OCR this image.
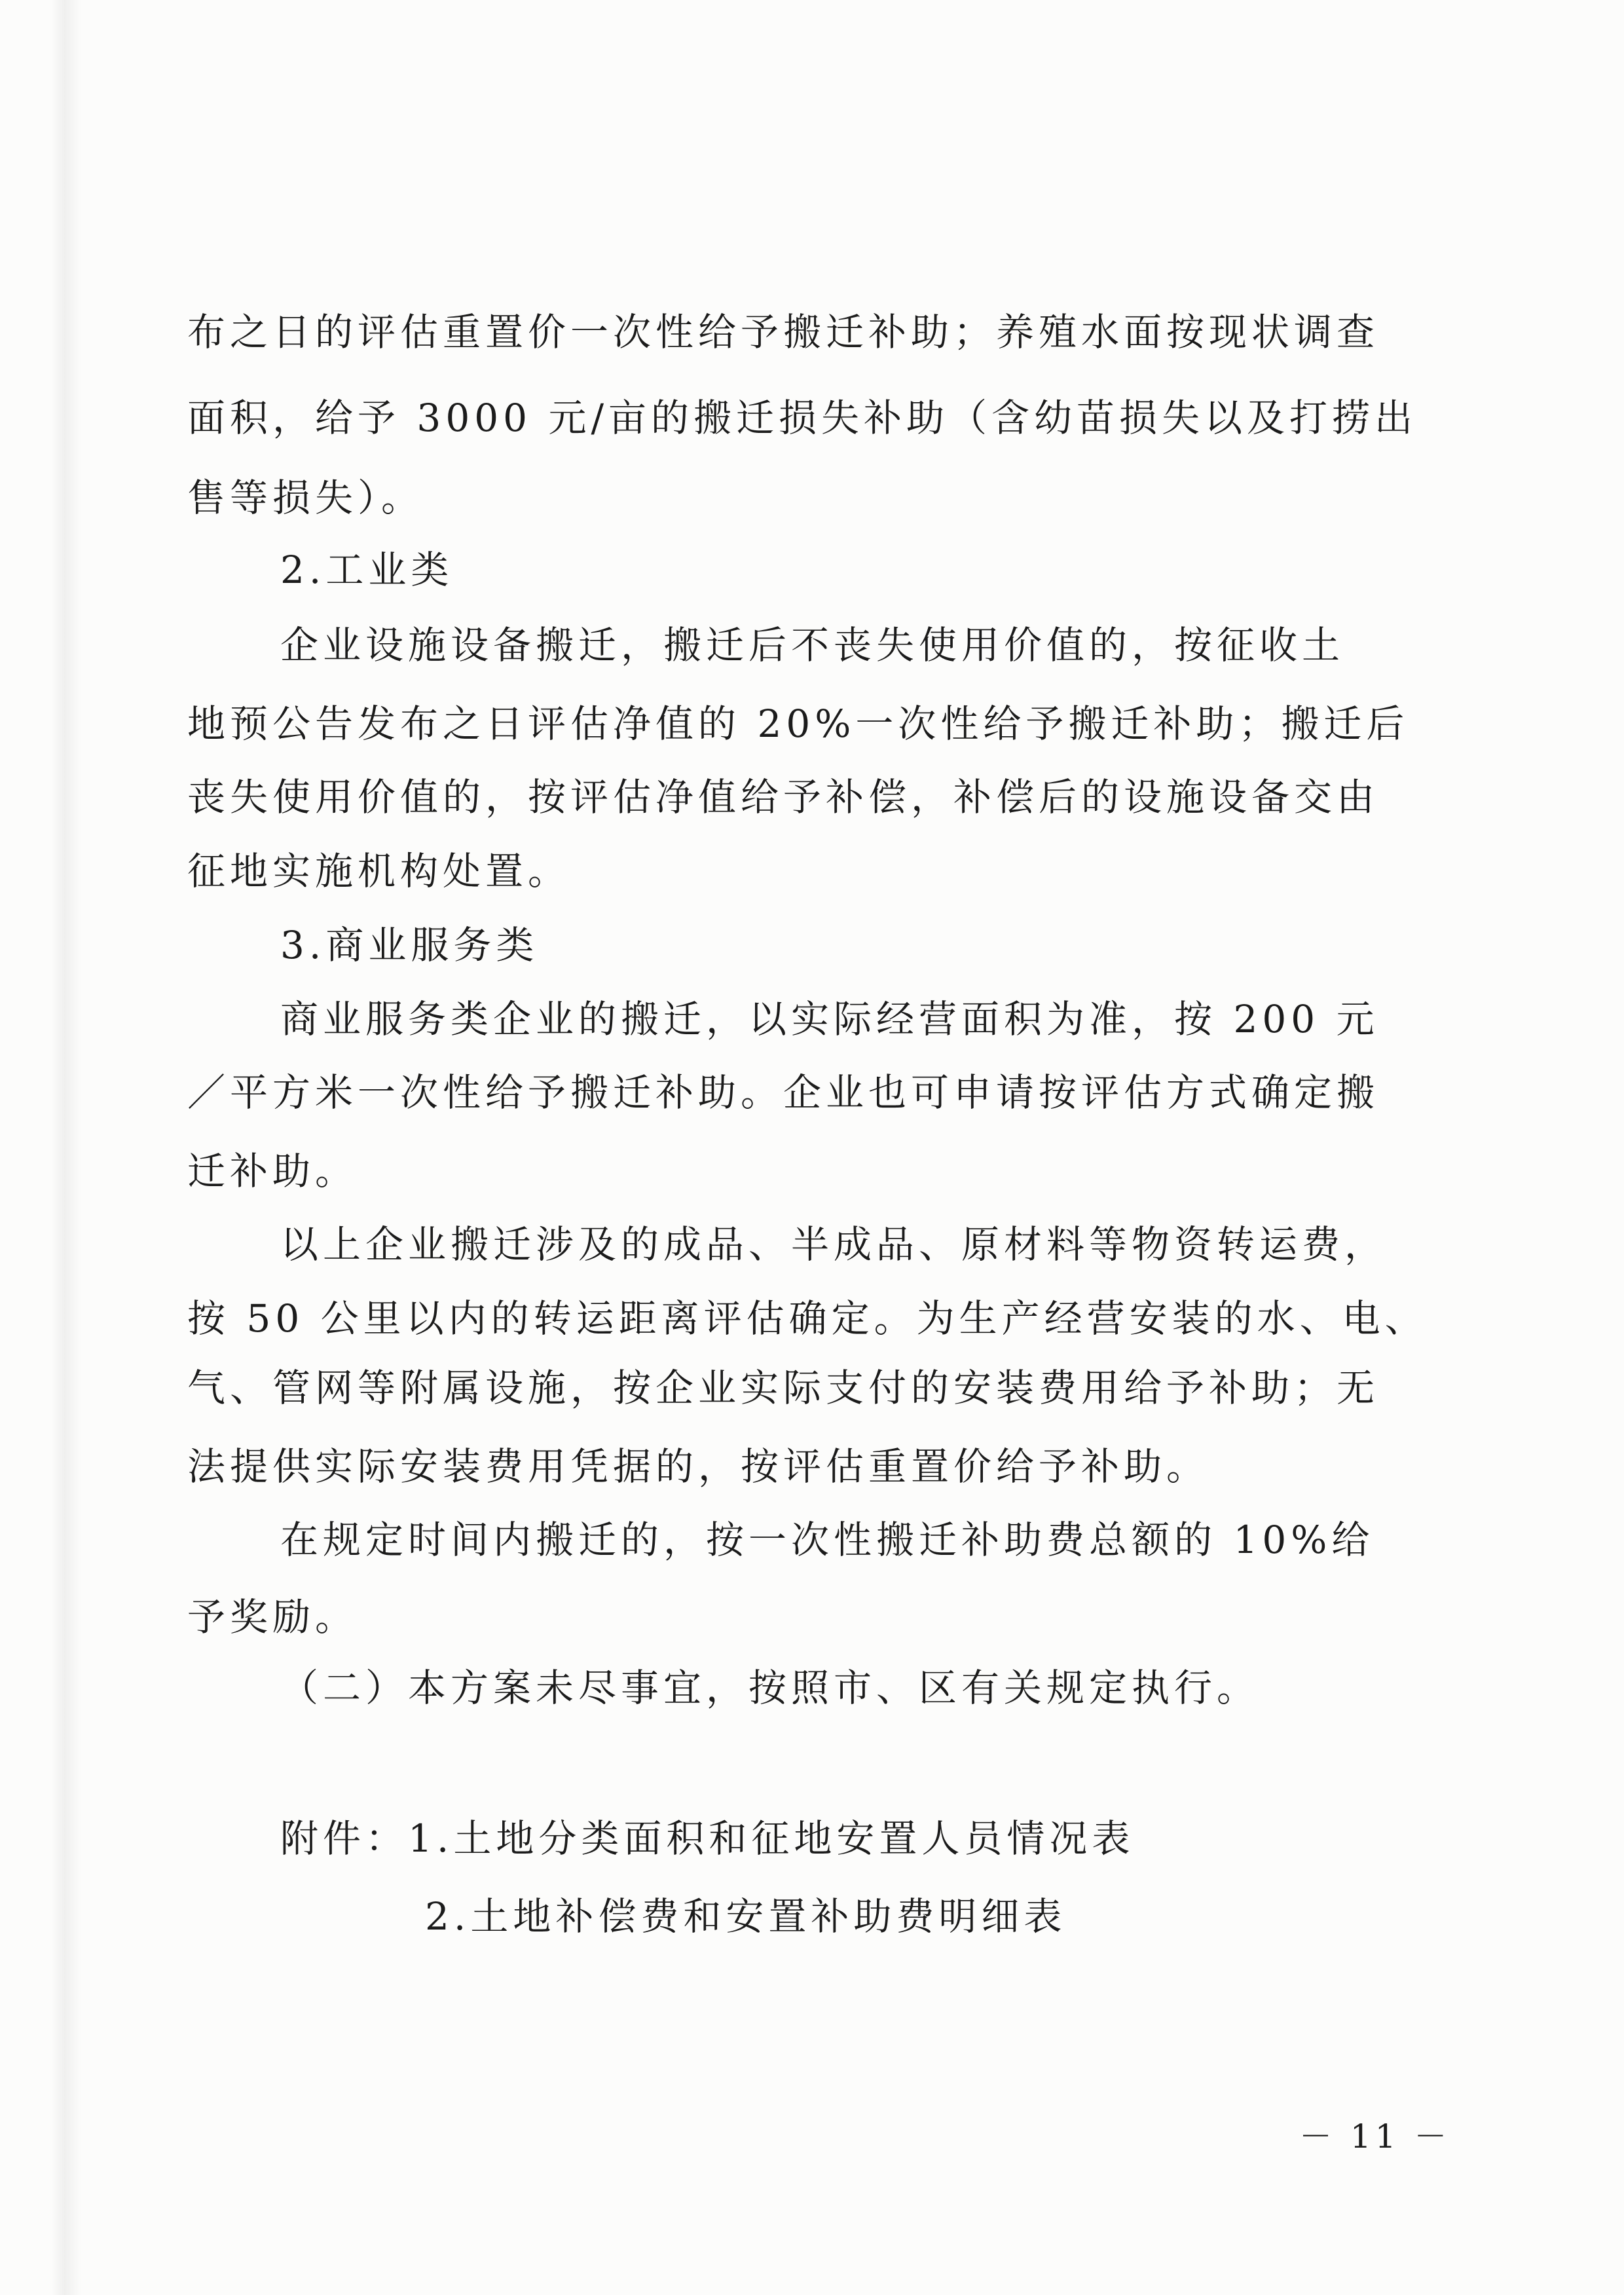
布之日的评估重置价一次性给予搬迁补助；养殖水面按现状调查
面积，给予 3000 元/亩的搬迁损失补助（含幼苗损失以及打捞出
售等损失）。
2.工业类
企业设施设备搬迁，搬迁后不丧失使用价值的，按征收土
地预公告发布之日评估净值的 20%一次性给予搬迁补助；搬迁后
丧失使用价值的，按评估净值给予补偿，补偿后的设施设备交由
征地实施机构处置。
3.商业服务类
商业服务类企业的搬迁，以实际经营面积为准，按 200 元
／平方米一次性给予搬迁补助。企业也可申请按评估方式确定搬
迁补助。
以上企业搬迁涉及的成品、半成品、原材料等物资转运费，
按 50 公里以内的转运距离评估确定。为生产经营安装的水、电、
气、管网等附属设施，按企业实际支付的安装费用给予补助；无
法提供实际安装费用凭据的，按评估重置价给予补助。
在规定时间内搬迁的，按一次性搬迁补助费总额的 10%给
予奖励。
（二）本方案未尽事宜，按照市、区有关规定执行。
附件：1.土地分类面积和征地安置人员情况表
2.土地补偿费和安置补助费明细表
－ 11 －
